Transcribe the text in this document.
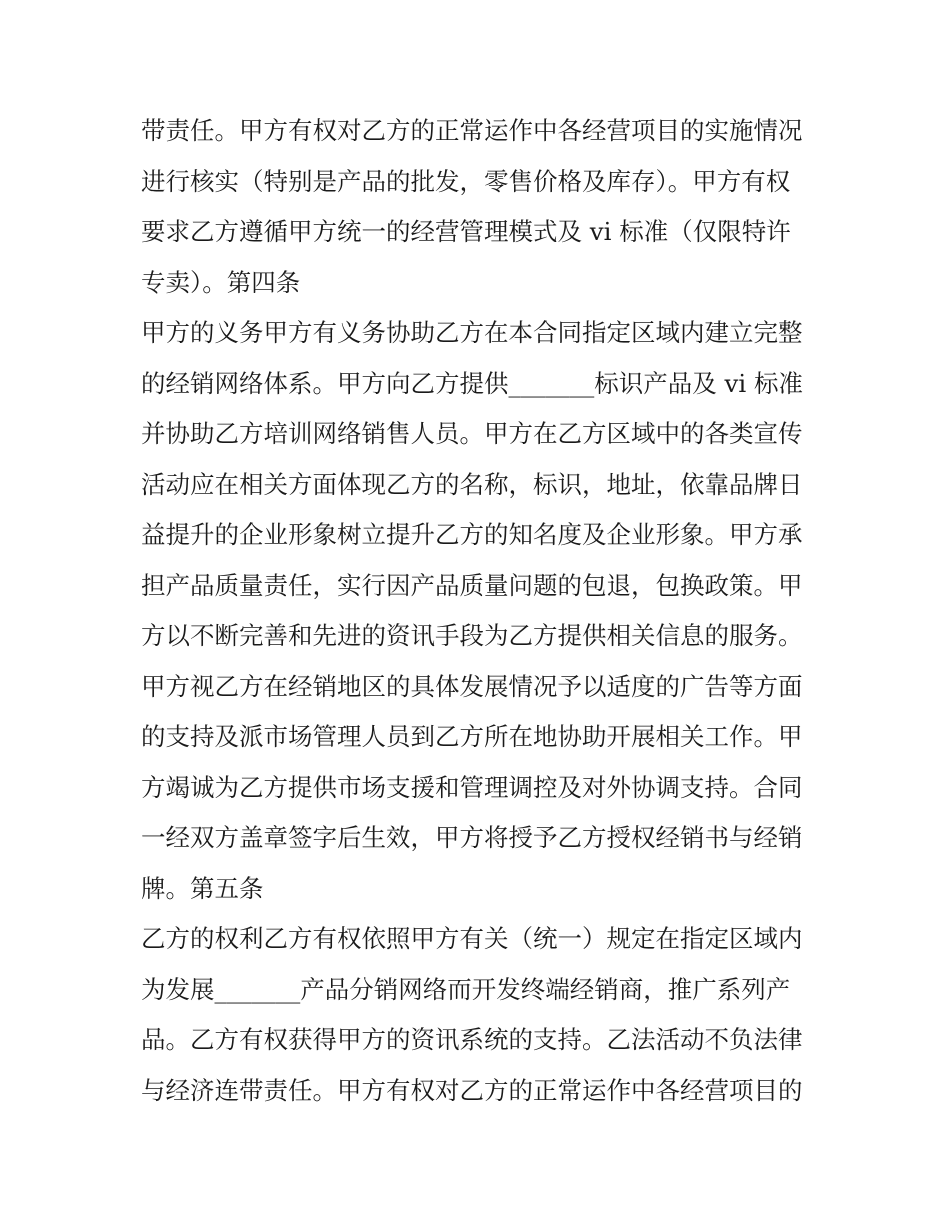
带责任。甲方有权对乙方的正常运作中各经营项目的实施情况
进行核实（特别是产品的批发，零售价格及库存）。甲方有权
要求乙方遵循甲方统一的经营管理模式及 vi 标准（仅限特许
专卖）。第四条
甲方的义务甲方有义务协助乙方在本合同指定区域内建立完整
的经销网络体系。甲方向乙方提供_______标识产品及 vi 标准
并协助乙方培训网络销售人员。甲方在乙方区域中的各类宣传
活动应在相关方面体现乙方的名称，标识，地址，依靠品牌日
益提升的企业形象树立提升乙方的知名度及企业形象。甲方承
担产品质量责任，实行因产品质量问题的包退，包换政策。甲
方以不断完善和先进的资讯手段为乙方提供相关信息的服务。
甲方视乙方在经销地区的具体发展情况予以适度的广告等方面
的支持及派市场管理人员到乙方所在地协助开展相关工作。甲
方竭诚为乙方提供市场支援和管理调控及对外协调支持。合同
一经双方盖章签字后生效，甲方将授予乙方授权经销书与经销
牌。第五条
乙方的权利乙方有权依照甲方有关（统一）规定在指定区域内
为发展_______产品分销网络而开发终端经销商，推广系列产
品。乙方有权获得甲方的资讯系统的支持。乙法活动不负法律
与经济连带责任。甲方有权对乙方的正常运作中各经营项目的
